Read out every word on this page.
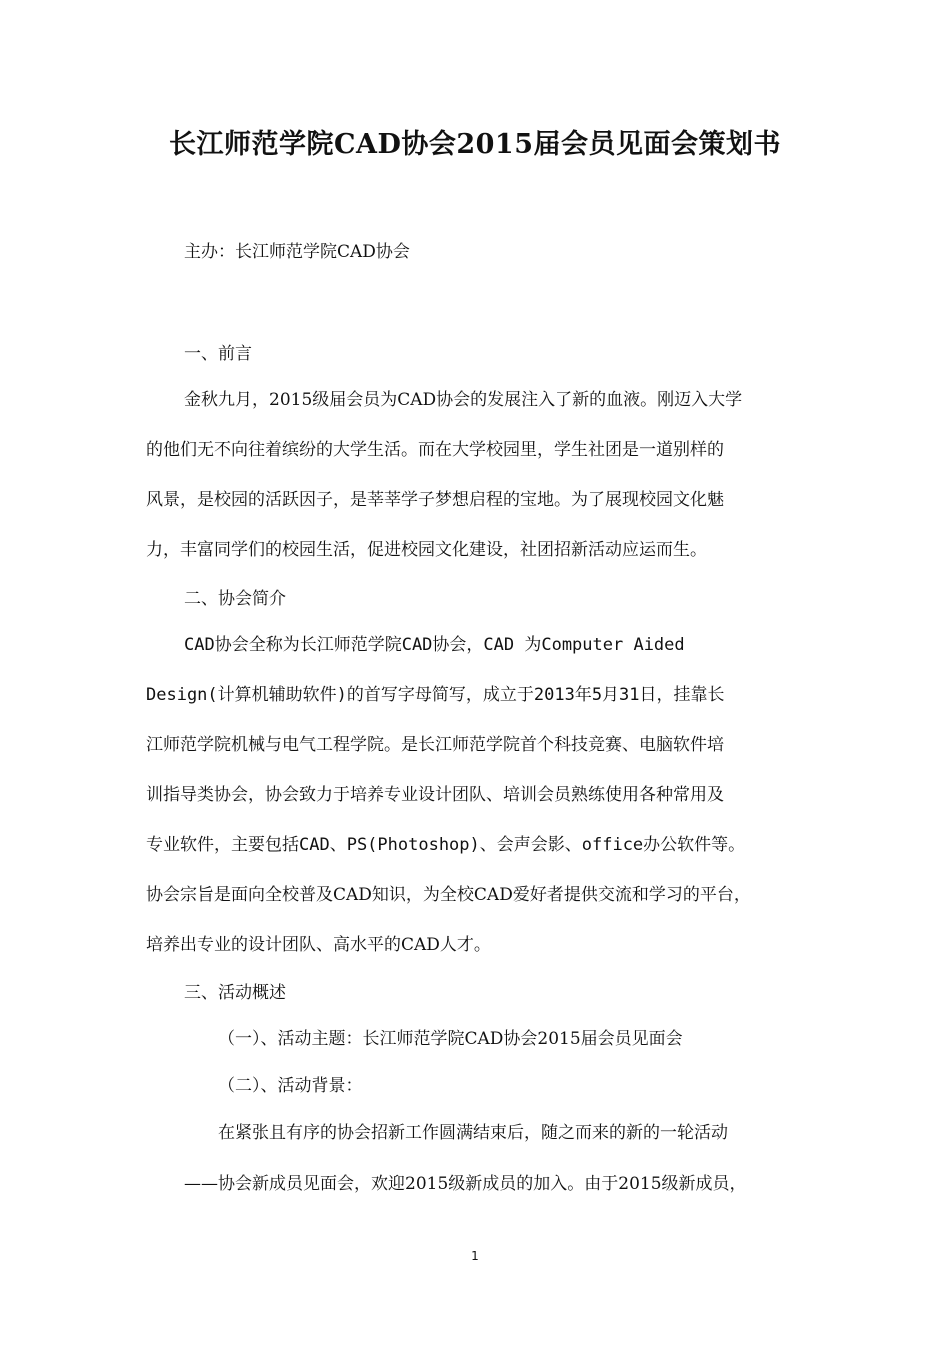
长江师范学院CAD协会2015届会员见面会策划书
主办：长江师范学院CAD协会
一、前言
金秋九月，2015级届会员为CAD协会的发展注入了新的血液。刚迈入大学
的他们无不向往着缤纷的大学生活。而在大学校园里，学生社团是一道别样的
风景，是校园的活跃因子，是莘莘学子梦想启程的宝地。为了展现校园文化魅
力，丰富同学们的校园生活，促进校园文化建设，社团招新活动应运而生。
二、协会简介
CAD协会全称为长江师范学院CAD协会，CAD 为Computer Aided
Design(计算机辅助软件)的首写字母简写，成立于2013年5月31日，挂靠长
江师范学院机械与电气工程学院。是长江师范学院首个科技竞赛、电脑软件培
训指导类协会，协会致力于培养专业设计团队、培训会员熟练使用各种常用及
专业软件，主要包括CAD、PS(Photoshop)、会声会影、office办公软件等。
协会宗旨是面向全校普及CAD知识，为全校CAD爱好者提供交流和学习的平台，
培养出专业的设计团队、高水平的CAD人才。
三、活动概述
（一）、活动主题：长江师范学院CAD协会2015届会员见面会
（二）、活动背景：
在紧张且有序的协会招新工作圆满结束后，随之而来的新的一轮活动
——协会新成员见面会，欢迎2015级新成员的加入。由于2015级新成员，
1
